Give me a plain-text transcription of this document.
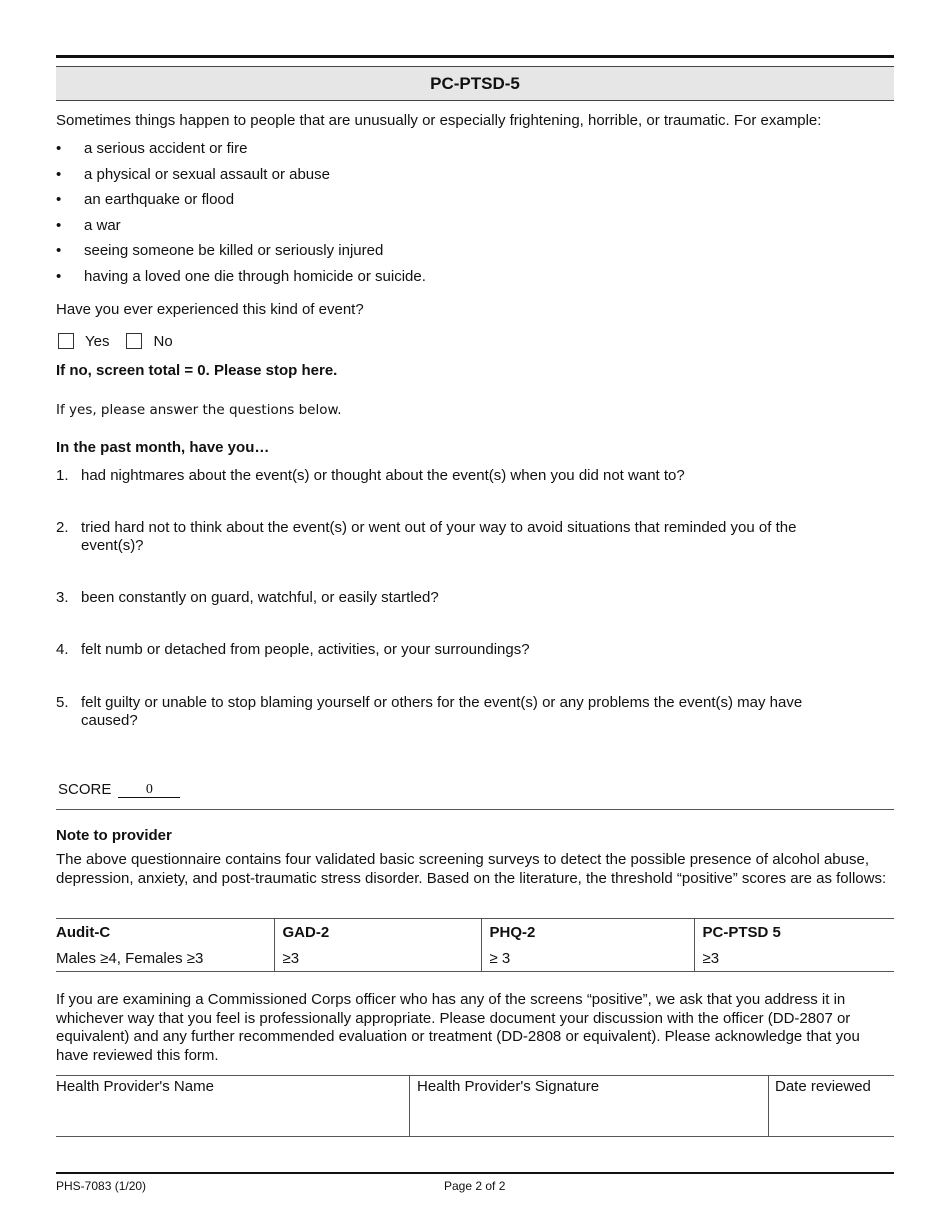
PC-PTSD-5
Sometimes things happen to people that are unusually or especially frightening, horrible, or traumatic. For example:
•	a serious accident or fire
•	a physical or sexual assault or abuse
•	an earthquake or flood
•	a war
•	seeing someone be killed or seriously injured
•	having a loved one die through homicide or suicide.
Have you ever experienced this kind of event?
Yes	No
If no, screen total = 0. Please stop here.
If yes, please answer the questions below.
In the past month, have you…
1. had nightmares about the event(s) or thought about the event(s) when you did not want to?
2. tried hard not to think about the event(s) or went out of your way to avoid situations that reminded you of the event(s)?
3. been constantly on guard, watchful, or easily startled?
4. felt numb or detached from people, activities, or your surroundings?
5. felt guilty or unable to stop blaming yourself or others for the event(s) or any problems the event(s) may have caused?
SCORE	0
Note to provider
The above questionnaire contains four validated basic screening surveys to detect the possible presence of alcohol abuse, depression, anxiety, and post-traumatic stress disorder. Based on the literature, the threshold “positive” scores are as follows:
Audit-C	GAD-2	PHQ-2	PC-PTSD 5
Males ≥4, Females ≥3	≥3	≥ 3	≥3
If you are examining a Commissioned Corps officer who has any of the screens “positive”, we ask that you address it in whichever way that you feel is professionally appropriate. Please document your discussion with the officer (DD-2807 or equivalent) and any further recommended evaluation or treatment (DD-2808 or equivalent). Please acknowledge that you have reviewed this form.
Health Provider's Name	Health Provider's Signature	Date reviewed
PHS-7083 (1/20)	Page 2 of 2
